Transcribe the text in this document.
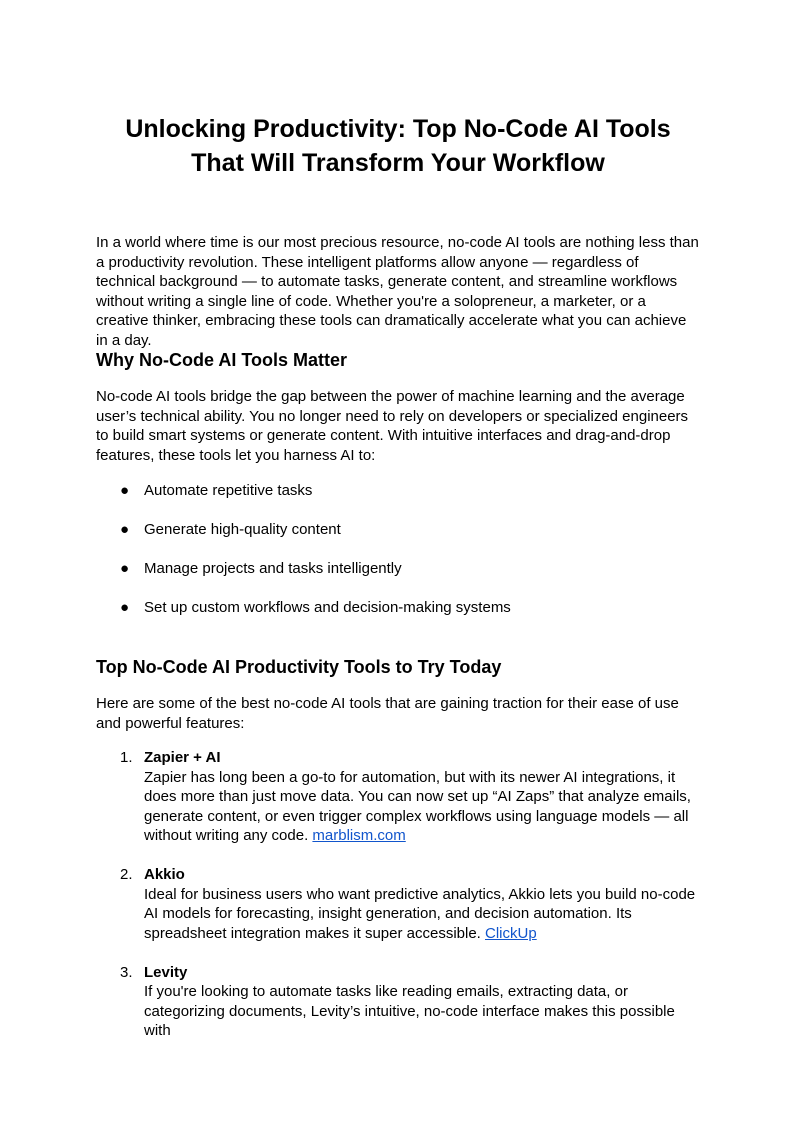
Unlocking Productivity: Top No-Code AI Tools
That Will Transform Your Workflow

In a world where time is our most precious resource, no-code AI tools are nothing less than a productivity revolution. These intelligent platforms allow anyone — regardless of technical background — to automate tasks, generate content, and streamline workflows without writing a single line of code. Whether you're a solopreneur, a marketer, or a creative thinker, embracing these tools can dramatically accelerate what you can achieve in a day.

Why No-Code AI Tools Matter

No-code AI tools bridge the gap between the power of machine learning and the average user’s technical ability. You no longer need to rely on developers or specialized engineers to build smart systems or generate content. With intuitive interfaces and drag-and-drop features, these tools let you harness AI to:

● Automate repetitive tasks
● Generate high-quality content
● Manage projects and tasks intelligently
● Set up custom workflows and decision-making systems
Top No-Code AI Productivity Tools to Try Today

Here are some of the best no-code AI tools that are gaining traction for their ease of use and powerful features:

1. Zapier + AI
Zapier has long been a go-to for automation, but with its newer AI integrations, it does more than just move data. You can now set up “AI Zaps” that analyze emails, generate content, or even trigger complex workflows using language models — all without writing any code. marblism.com
2. Akkio
Ideal for business users who want predictive analytics, Akkio lets you build no-code AI models for forecasting, insight generation, and decision automation. Its spreadsheet integration makes it super accessible. ClickUp
3. Levity
If you're looking to automate tasks like reading emails, extracting data, or categorizing documents, Levity’s intuitive, no-code interface makes this possible with
